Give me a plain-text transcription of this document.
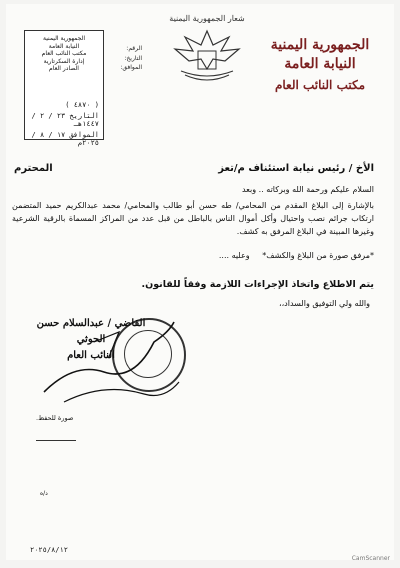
الجمهورية اليمنية
النيابة العامة
مكتب النائب العام
شعار الجمهورية اليمنية
الرقم:
التاريخ:
الموافق:
الجمهورية اليمنية
النيابة العامة
مكتب النائب العام
إدارة السكرتارية
الصادر العام
( ٤٨٧٠ )
التاريخ ٢٣ / ٢ / ١٤٤٧هـ
الموافق ١٧ / ٨ / ٢٠٢٥م
الأخ / رئيس نيابة استئناف م/تعز
المحترم
السلام عليكم ورحمة الله وبركاته .. وبعد
بالإشارة إلى البلاغ المقدم من المحامي/ طه حسن أبو طالب والمحامي/ محمد عبدالكريم حميد المتضمن ارتكاب جرائم نصب واحتيال وأكل أموال الناس بالباطل من قبل عدد من المراكز المسماة بالرقية الشرعية وغيرها المبينة في البلاغ المرفق به كشف.
*مرفق صورة من البلاغ والكشف*     وعليه ....
يتم الاطلاع واتخاذ الإجراءات اللازمة وفقاً للقانون.
والله ولي التوفيق والسداد،،
القاضي / عبدالسلام حسن الحوثي
النائب العام
صورة للحفظ.
د/ه
٢٠٢٥/٨/١٢
CamScanner
